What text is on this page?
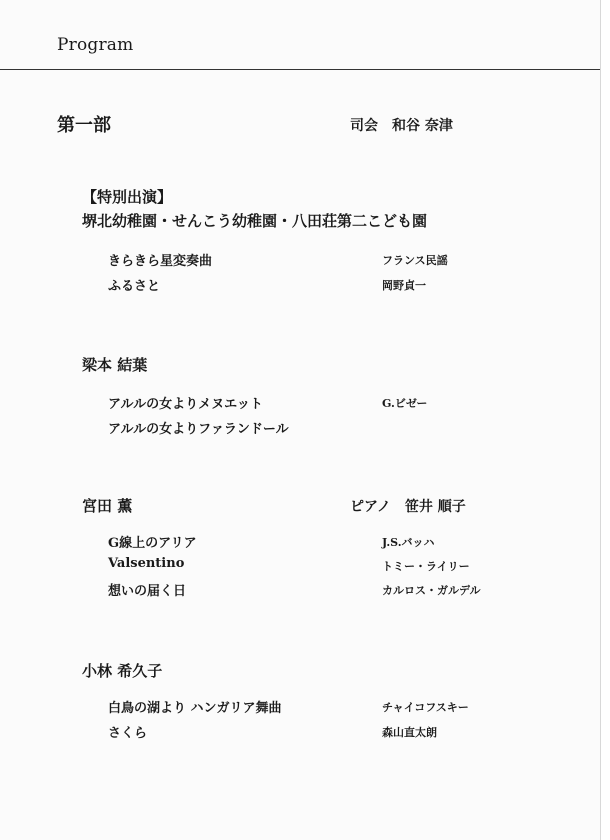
Program
第一部	司会　和谷 奈津
【特別出演】
堺北幼稚園・せんこう幼稚園・八田荘第二こども園
きらきら星変奏曲	フランス民謡
ふるさと	岡野貞一
梁本 結葉
アルルの女よりメヌエット	G.ビゼー
アルルの女よりファランドール
宮田 薫	ピアノ　笹井 順子
G線上のアリア	J.S.バッハ
Valsentino	トミー・ライリー
想いの届く日	カルロス・ガルデル
小林 希久子
白鳥の湖より ハンガリア舞曲	チャイコフスキー
さくら	森山直太朗
